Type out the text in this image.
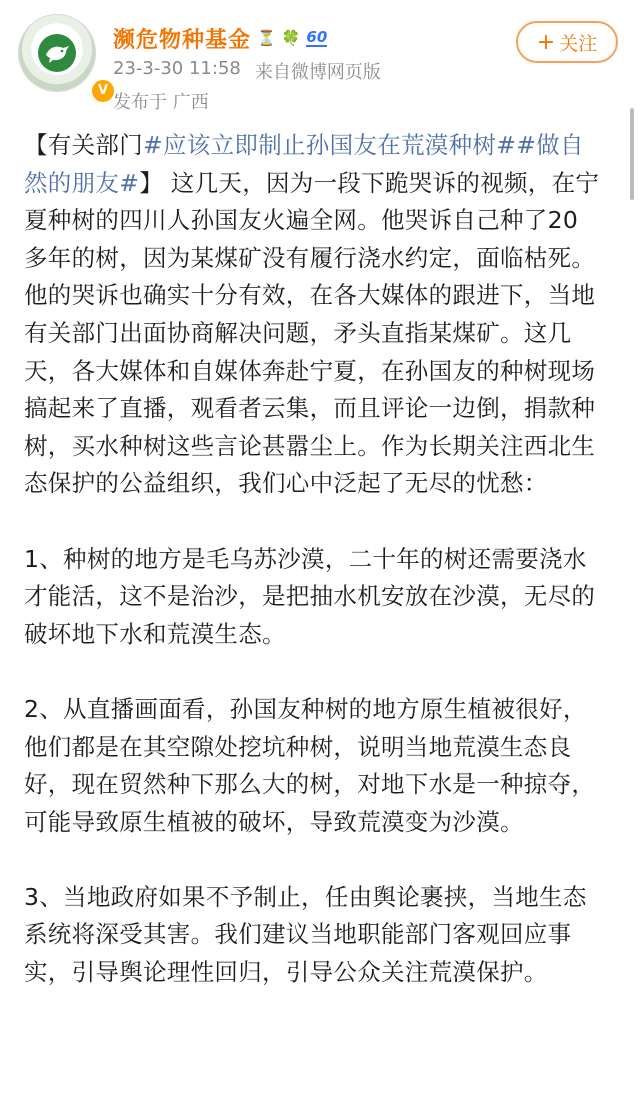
V
濒危物种基金 ⏳ 🍀 60
23-3-30 11:58 来自微博网页版
发布于 广西
+ 关注

【有关部门#应该立即制止孙国友在荒漠种树##做自然的朋友#】 这几天，因为一段下跪哭诉的视频，在宁夏种树的四川人孙国友火遍全网。他哭诉自己种了20多年的树，因为某煤矿没有履行浇水约定，面临枯死。他的哭诉也确实十分有效，在各大媒体的跟进下，当地有关部门出面协商解决问题，矛头直指某煤矿。这几天，各大媒体和自媒体奔赴宁夏，在孙国友的种树现场搞起来了直播，观看者云集，而且评论一边倒，捐款种树，买水种树这些言论甚嚣尘上。作为长期关注西北生态保护的公益组织，我们心中泛起了无尽的忧愁：

1、种树的地方是毛乌苏沙漠，二十年的树还需要浇水才能活，这不是治沙，是把抽水机安放在沙漠，无尽的破坏地下水和荒漠生态。

2、从直播画面看，孙国友种树的地方原生植被很好，他们都是在其空隙处挖坑种树，说明当地荒漠生态良好，现在贸然种下那么大的树，对地下水是一种掠夺，可能导致原生植被的破坏，导致荒漠变为沙漠。

3、当地政府如果不予制止，任由舆论裹挟，当地生态系统将深受其害。我们建议当地职能部门客观回应事实，引导舆论理性回归，引导公众关注荒漠保护。
